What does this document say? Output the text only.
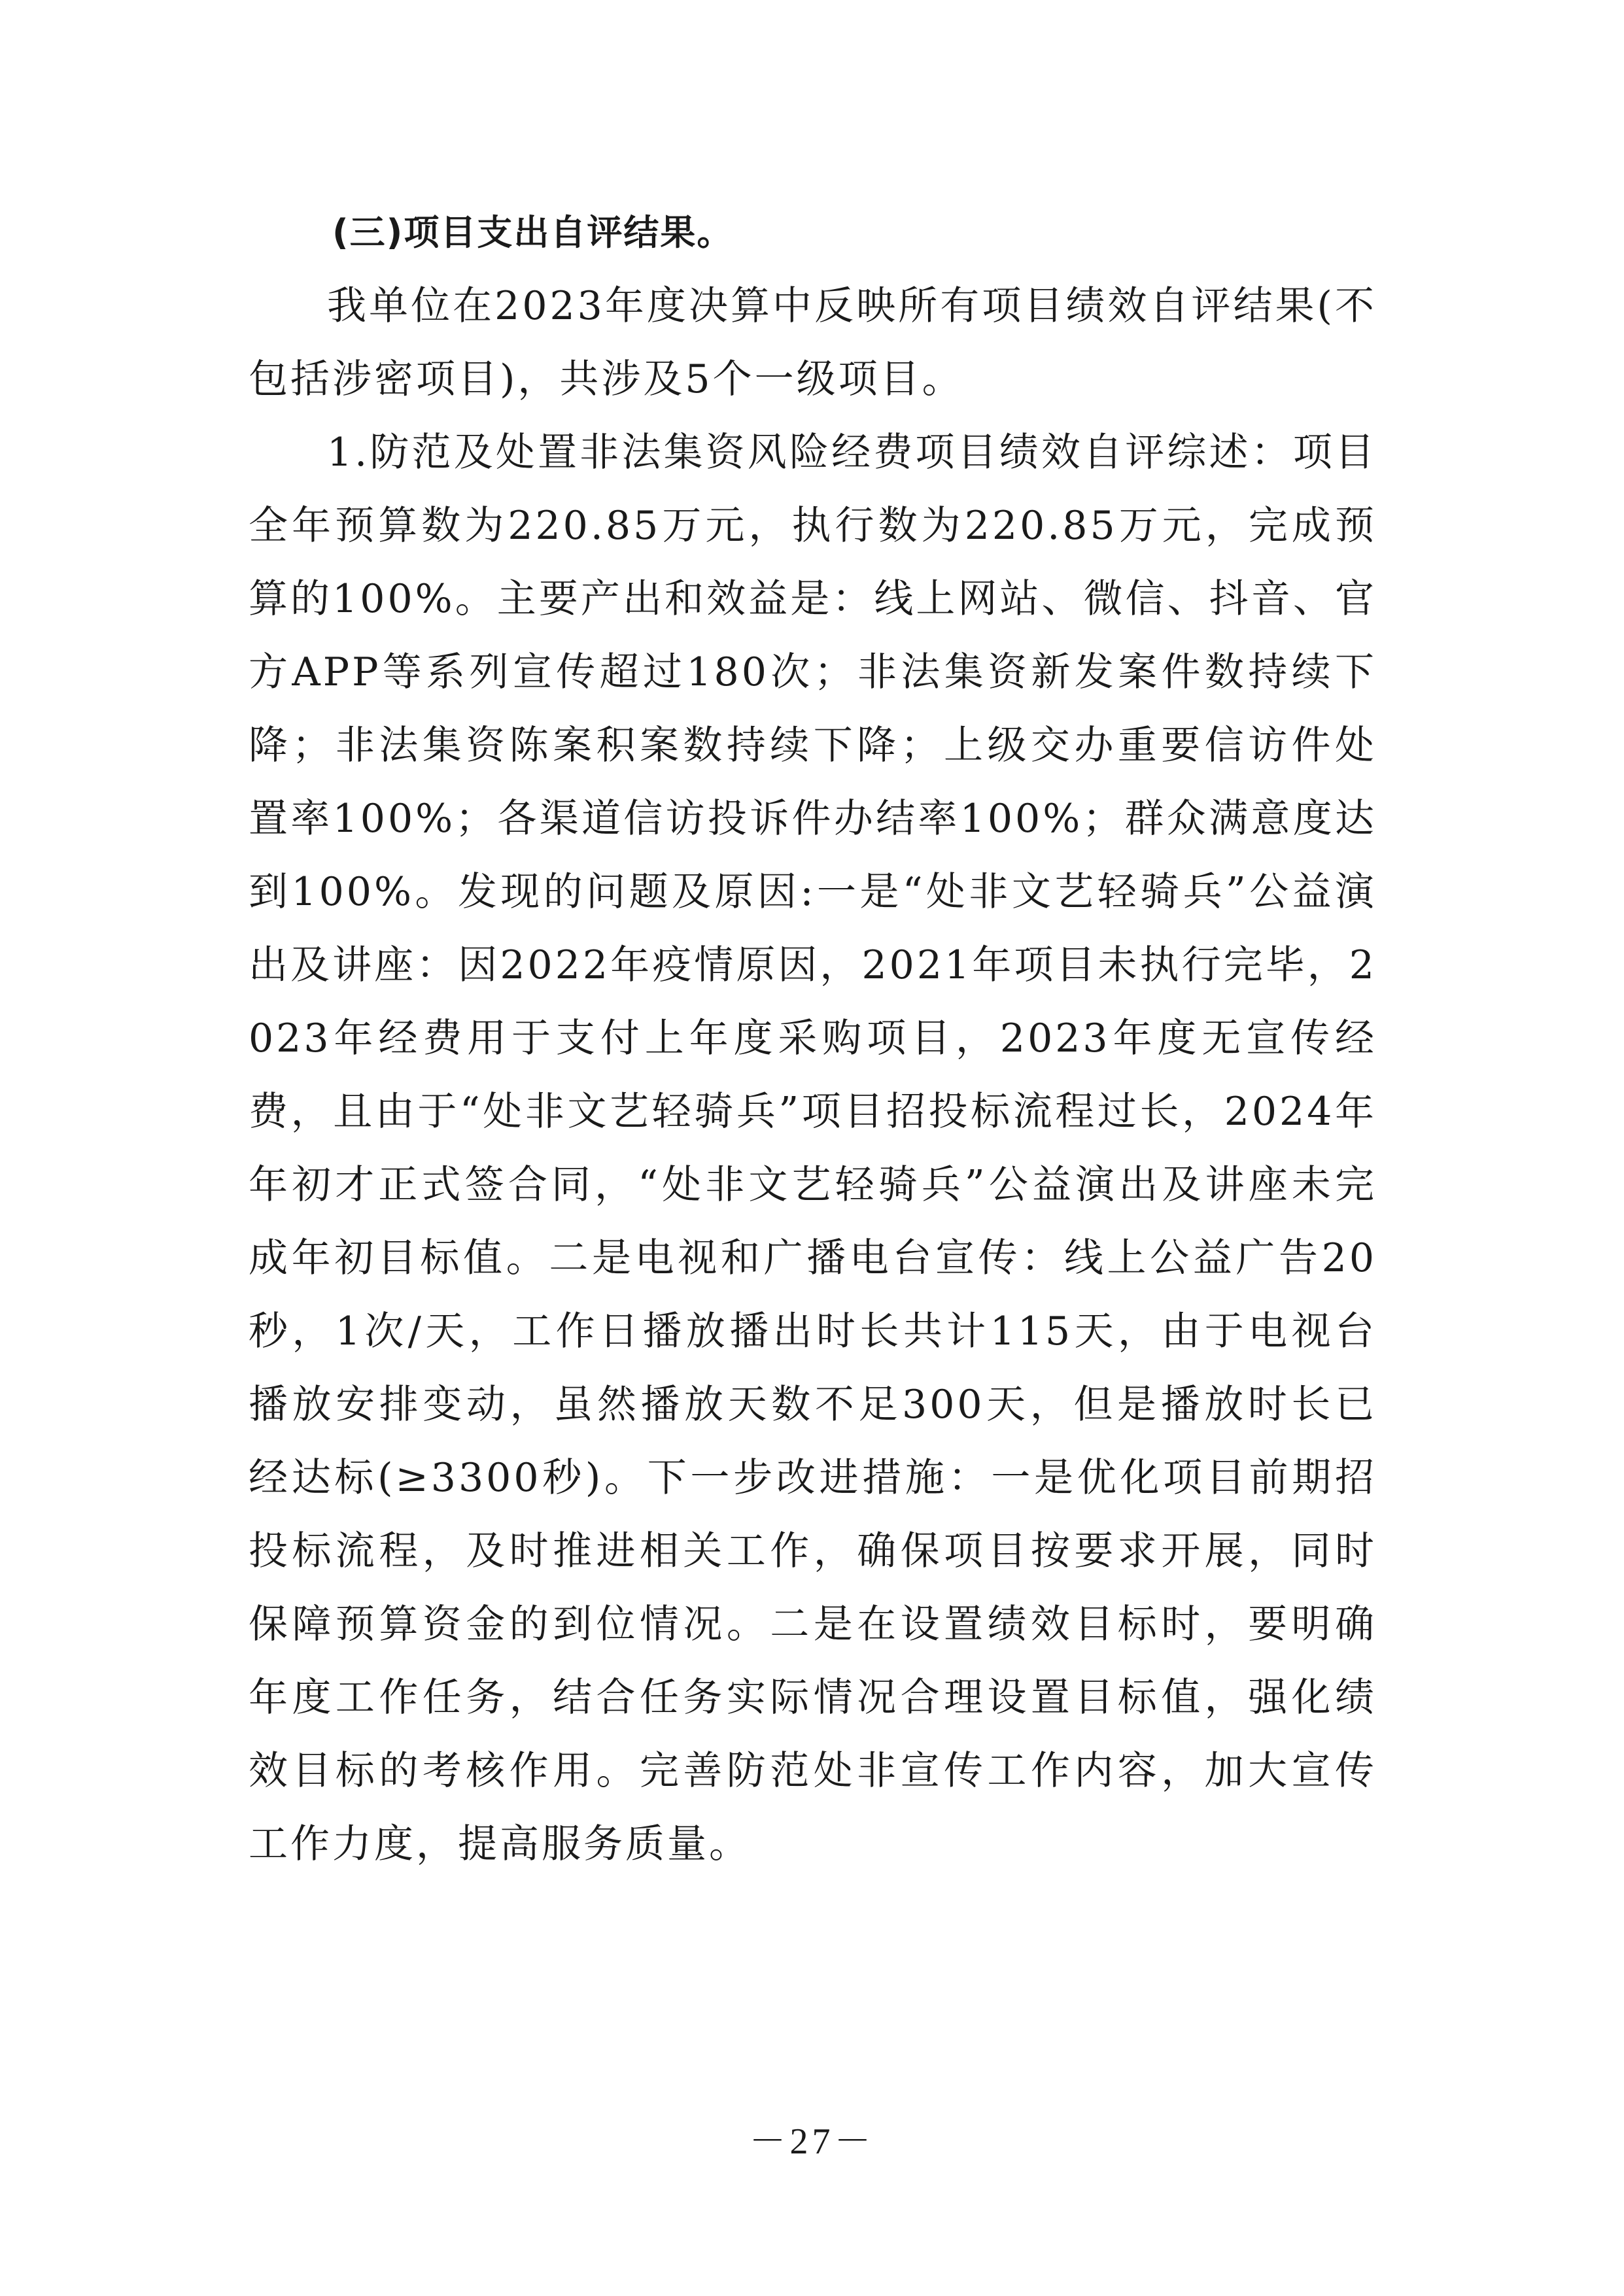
(三)项目支出自评结果。

我单位在2023年度决算中反映所有项目绩效自评结果(不包括涉密项目)，共涉及5个一级项目。

1.防范及处置非法集资风险经费项目绩效自评综述：项目全年预算数为220.85万元，执行数为220.85万元，完成预算的100%。主要产出和效益是：线上网站、微信、抖音、官方APP等系列宣传超过180次；非法集资新发案件数持续下降；非法集资陈案积案数持续下降；上级交办重要信访件处置率100%；各渠道信访投诉件办结率100%；群众满意度达到100%。发现的问题及原因:一是“处非文艺轻骑兵”公益演出及讲座：因2022年疫情原因，2021年项目未执行完毕，2023年经费用于支付上年度采购项目，2023年度无宣传经费，且由于“处非文艺轻骑兵”项目招投标流程过长，2024年年初才正式签合同，“处非文艺轻骑兵”公益演出及讲座未完成年初目标值。二是电视和广播电台宣传：线上公益广告20秒，1次/天，工作日播放播出时长共计115天，由于电视台播放安排变动，虽然播放天数不足300天，但是播放时长已经达标(≥3300秒)。下一步改进措施：一是优化项目前期招投标流程，及时推进相关工作，确保项目按要求开展，同时保障预算资金的到位情况。二是在设置绩效目标时，要明确年度工作任务，结合任务实际情况合理设置目标值，强化绩效目标的考核作用。完善防范处非宣传工作内容，加大宣传工作力度，提高服务质量。

－27－
